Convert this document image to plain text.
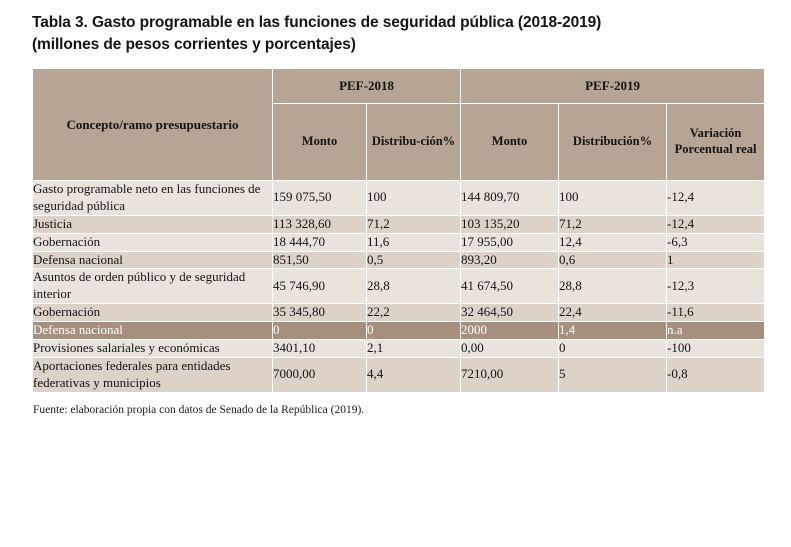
Tabla 3. Gasto programable en las funciones de seguridad pública (2018-2019)
(millones de pesos corrientes y porcentajes)
Concepto/ramo presupuestario	PEF-2018		PEF-2019		
	Monto	Distribu-ción%	Monto	Distribución%	Variación Porcentual real
Gasto programable neto en las funciones de seguridad pública	159 075,50	100	144 809,70	100	-12,4
Justicia	113 328,60	71,2	103 135,20	71,2	-12,4
Gobernación	18 444,70	11,6	17 955,00	12,4	-6,3
Defensa nacional	851,50	0,5	893,20	0,6	1
Asuntos de orden público y de seguridad interior	45 746,90	28,8	41 674,50	28,8	-12,3
Gobernación	35 345,80	22,2	32 464,50	22,4	-11,6
Defensa nacional	0	0	2000	1,4	n.a
Provisiones salariales y económicas	3401,10	2,1	0,00	0	-100
Aportaciones federales para entidades federativas y municipios	7000,00	4,4	7210,00	5	-0,8
Fuente: elaboración propia con datos de Senado de la República (2019).
